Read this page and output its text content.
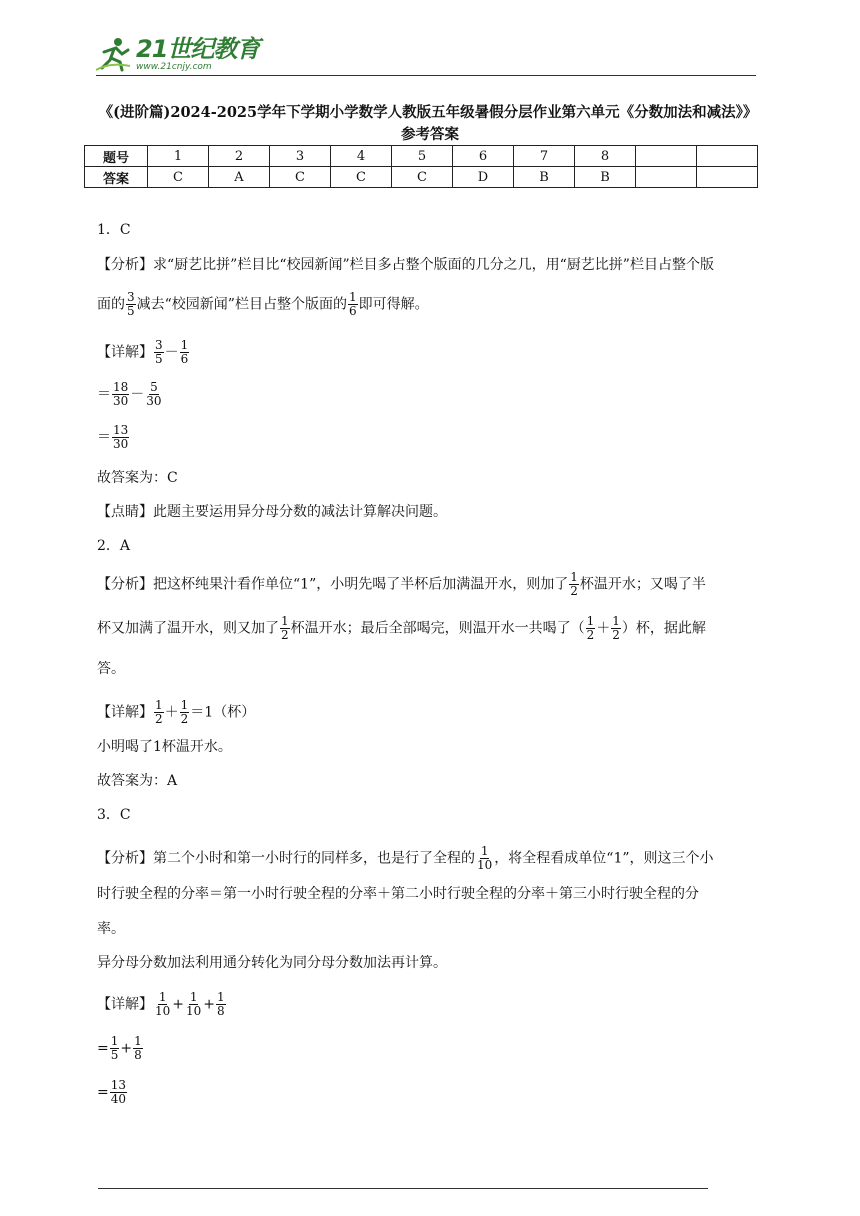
21世纪教育
www.21cnjy.com
《(进阶篇)2024-2025学年下学期小学数学人教版五年级暑假分层作业第六单元《分数加法和减法》》
参考答案
题号	1	2	3	4	5	6	7	8		
答案	C	A	C	C	C	D	B	B		
1．C
【分析】求“厨艺比拼”栏目比“校园新闻”栏目多占整个版面的几分之几，用“厨艺比拼”栏目占整个版
面的 $\frac{3}{5}$ 减去“校园新闻”栏目占整个版面的 $\frac{1}{6}$ 即可得解。
【详解】 $\frac{3}{5} - \frac{1}{6}$
＝ $\frac{18}{30} - \frac{5}{30}$
＝ $\frac{13}{30}$
故答案为：C
【点睛】此题主要运用异分母分数的减法计算解决问题。
2．A
【分析】把这杯纯果汁看作单位“1”，小明先喝了半杯后加满温开水，则加了 $\frac{1}{2}$ 杯温开水；又喝了半
杯又加满了温开水，则又加了 $\frac{1}{2}$ 杯温开水；最后全部喝完，则温开水一共喝了（ $\frac{1}{2} + \frac{1}{2}$ ）杯，据此解
答。
【详解】 $\frac{1}{2} + \frac{1}{2} =1$（杯）
小明喝了1杯温开水。
故答案为：A
3．C
【分析】第二个小时和第一小时行的同样多，也是行了全程的 $\frac{1}{10}$ ，将全程看成单位“1”，则这三个小
时行驶全程的分率＝第一小时行驶全程的分率＋第二小时行驶全程的分率＋第三小时行驶全程的分
率。
异分母分数加法利用通分转化为同分母分数加法再计算。
【详解】 $\frac{1}{10} + \frac{1}{10} + \frac{1}{8}$
= $\frac{1}{5} + \frac{1}{8}$
= $\frac{13}{40}$
